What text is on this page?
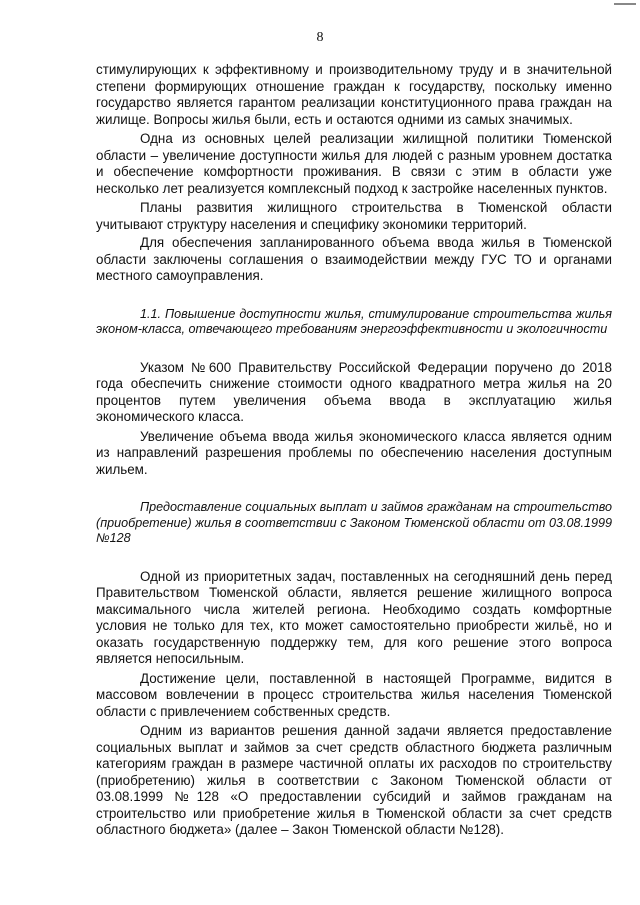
8

стимулирующих к эффективному и производительному труду и в значительной степени формирующих отношение граждан к государству, поскольку именно государство является гарантом реализации конституционного права граждан на жилище. Вопросы жилья были, есть и остаются одними из самых значимых.

Одна из основных целей реализации жилищной политики Тюменской области – увеличение доступности жилья для людей с разным уровнем достатка и обеспечение комфортности проживания. В связи с этим в области уже несколько лет реализуется комплексный подход к застройке населенных пунктов.

Планы развития жилищного строительства в Тюменской области учитывают структуру населения и специфику экономики территорий.

Для обеспечения запланированного объема ввода жилья в Тюменской области заключены соглашения о взаимодействии между ГУС ТО и органами местного самоуправления.

1.1. Повышение доступности жилья, стимулирование строительства жилья эконом-класса, отвечающего требованиям энергоэффективности и экологичности

Указом №600 Правительству Российской Федерации поручено до 2018 года обеспечить снижение стоимости одного квадратного метра жилья на 20 процентов путем увеличения объема ввода в эксплуатацию жилья экономического класса.

Увеличение объема ввода жилья экономического класса является одним из направлений разрешения проблемы по обеспечению населения доступным жильем.

Предоставление социальных выплат и займов гражданам на строительство (приобретение) жилья в соответствии с Законом Тюменской области от 03.08.1999 №128

Одной из приоритетных задач, поставленных на сегодняшний день перед Правительством Тюменской области, является решение жилищного вопроса максимального числа жителей региона. Необходимо создать комфортные условия не только для тех, кто может самостоятельно приобрести жильё, но и оказать государственную поддержку тем, для кого решение этого вопроса является непосильным.

Достижение цели, поставленной в настоящей Программе, видится в массовом вовлечении в процесс строительства жилья населения Тюменской области с привлечением собственных средств.

Одним из вариантов решения данной задачи является предоставление социальных выплат и займов за счет средств областного бюджета различным категориям граждан в размере частичной оплаты их расходов по строительству (приобретению) жилья в соответствии с Законом Тюменской области от 03.08.1999 №128 «О предоставлении субсидий и займов гражданам на строительство или приобретение жилья в Тюменской области за счет средств областного бюджета» (далее – Закон Тюменской области №128).
